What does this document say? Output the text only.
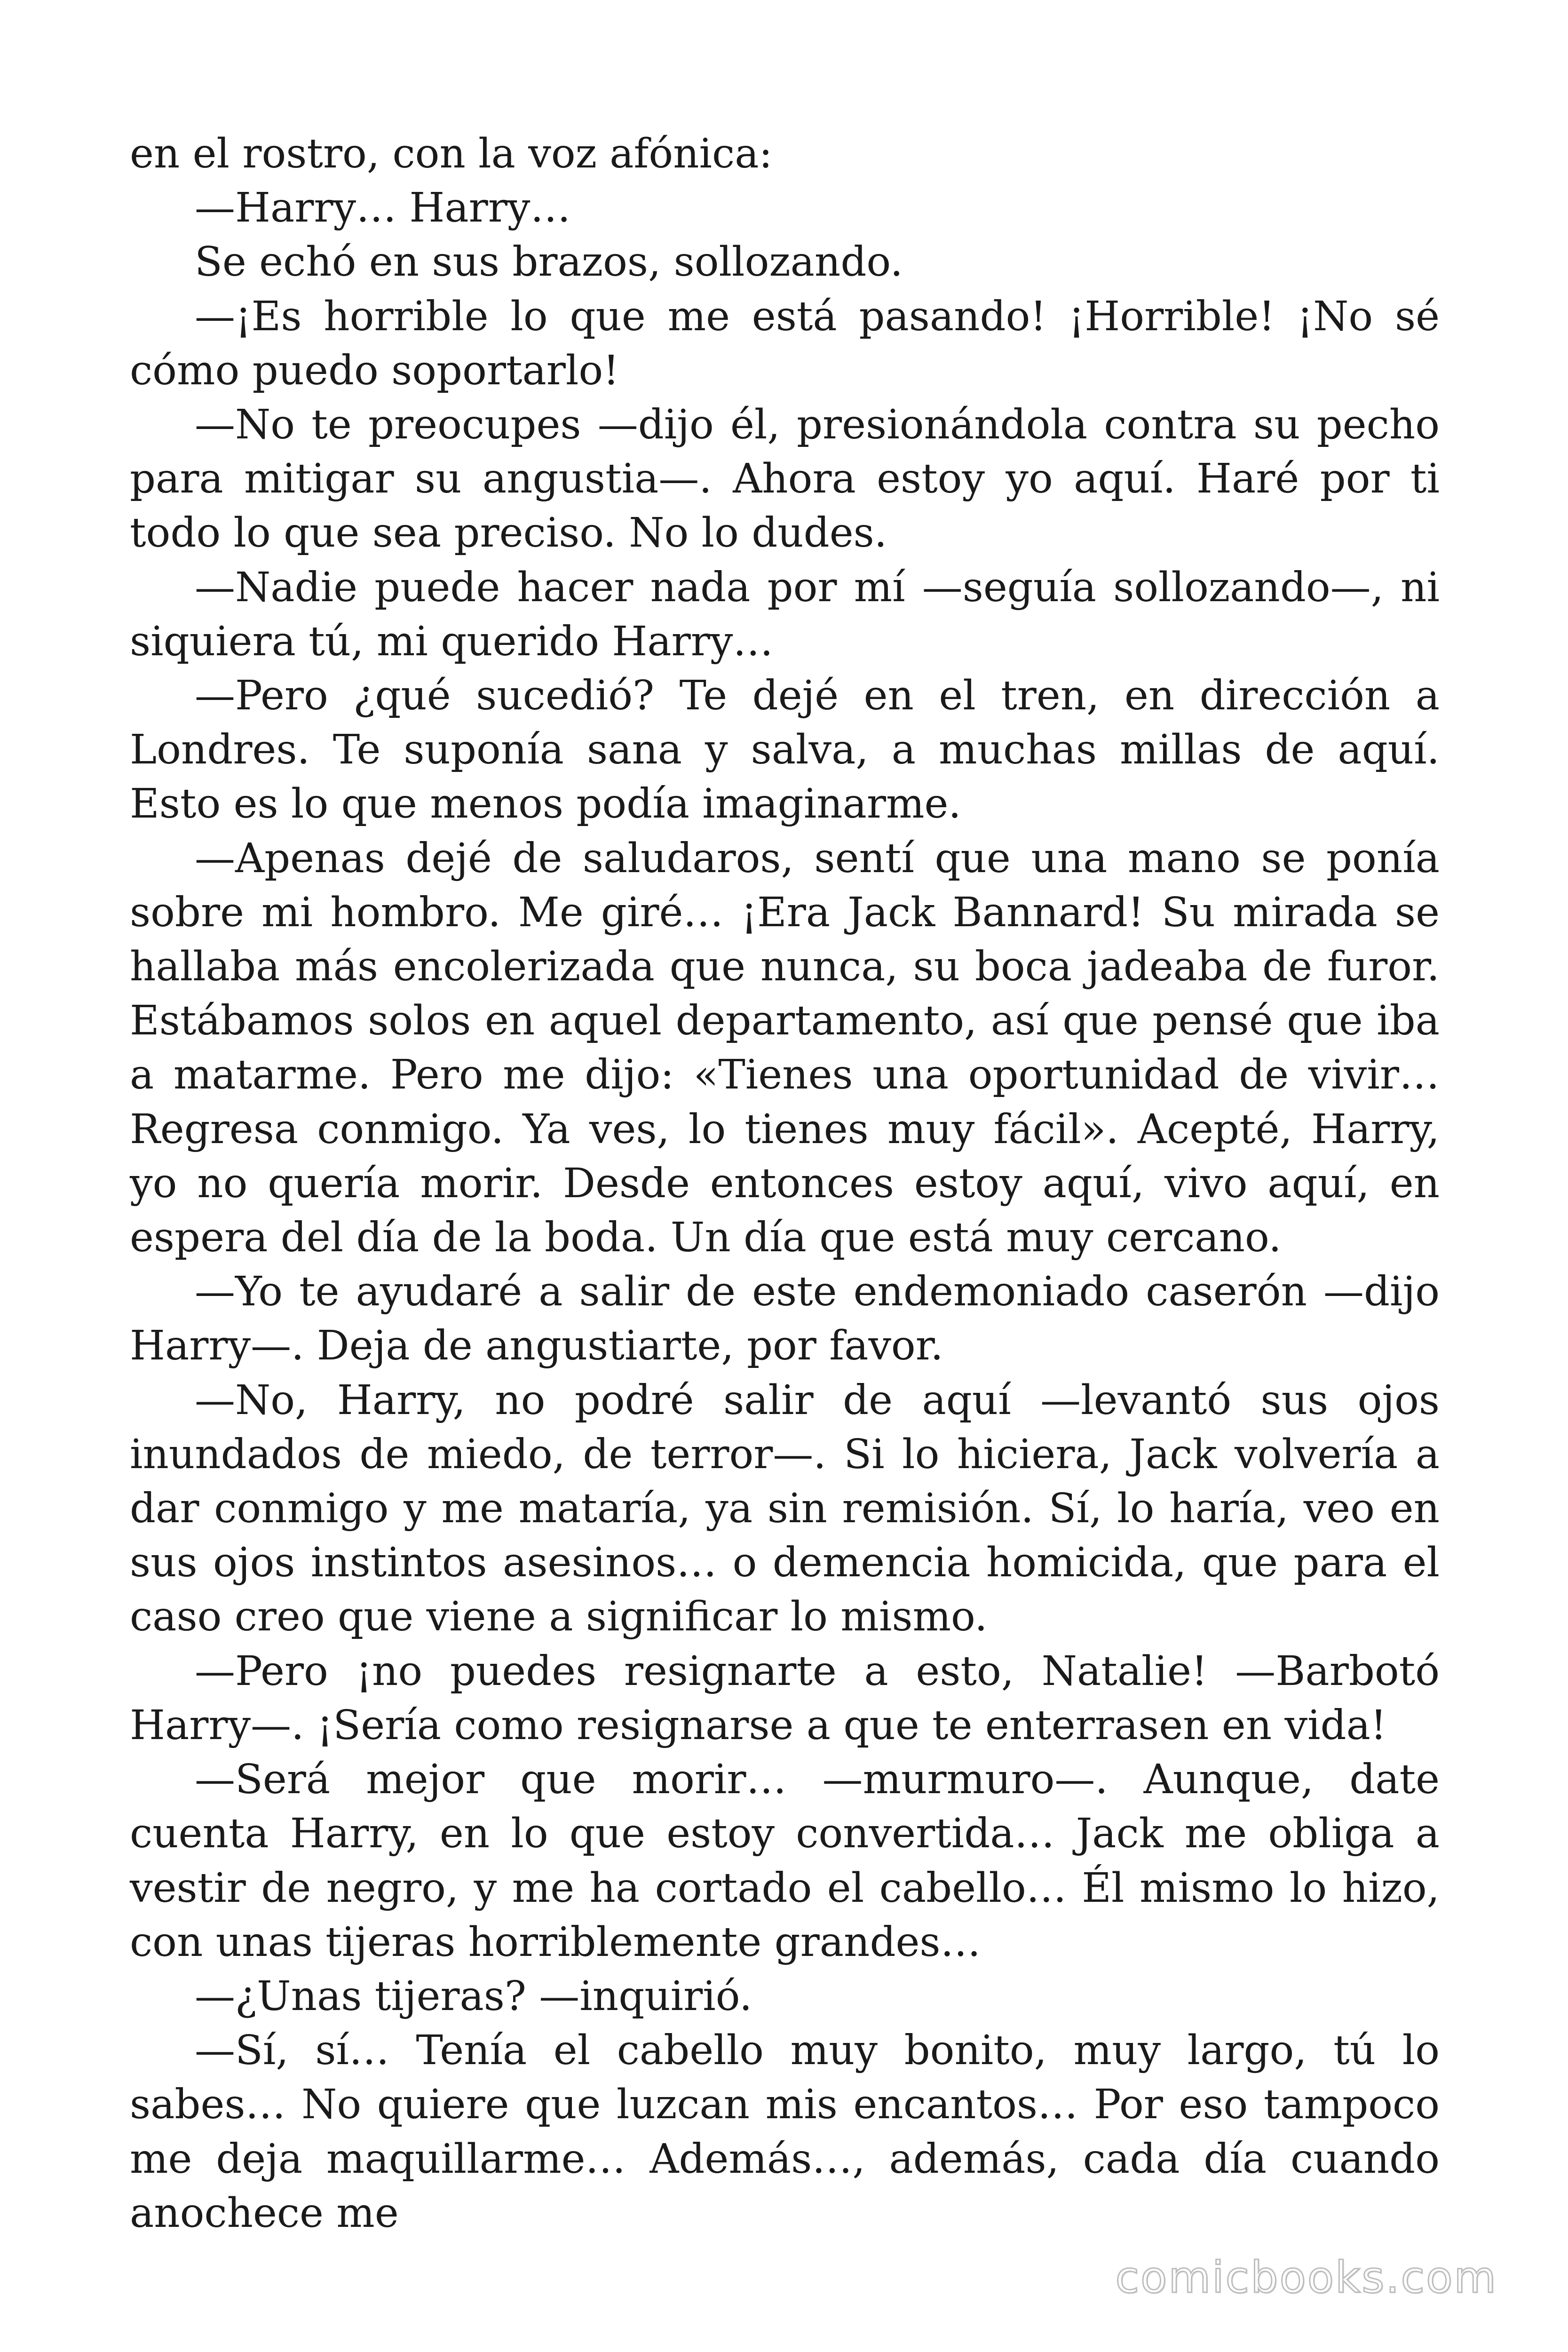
en el rostro, con la voz afónica:

—Harry… Harry…

Se echó en sus brazos, sollozando.

—¡Es horrible lo que me está pasando! ¡Horrible! ¡No sé cómo puedo soportarlo!

—No te preocupes —dijo él, presionándola contra su pecho para mitigar su angustia—. Ahora estoy yo aquí. Haré por ti todo lo que sea preciso. No lo dudes.

—Nadie puede hacer nada por mí —seguía sollozando—, ni siquiera tú, mi querido Harry…

—Pero ¿qué sucedió? Te dejé en el tren, en dirección a Londres. Te suponía sana y salva, a muchas millas de aquí. Esto es lo que menos podía imaginarme.

—Apenas dejé de saludaros, sentí que una mano se ponía sobre mi hombro. Me giré… ¡Era Jack Bannard! Su mirada se hallaba más encolerizada que nunca, su boca jadeaba de furor. Estábamos solos en aquel departamento, así que pensé que iba a matarme. Pero me dijo: «Tienes una oportunidad de vivir… Regresa conmigo. Ya ves, lo tienes muy fácil». Acepté, Harry, yo no quería morir. Desde entonces estoy aquí, vivo aquí, en espera del día de la boda. Un día que está muy cercano.

—Yo te ayudaré a salir de este endemoniado caserón —dijo Harry—. Deja de angustiarte, por favor.

—No, Harry, no podré salir de aquí —levantó sus ojos inundados de miedo, de terror—. Si lo hiciera, Jack volvería a dar conmigo y me mataría, ya sin remisión. Sí, lo haría, veo en sus ojos instintos asesinos… o demencia homicida, que para el caso creo que viene a significar lo mismo.

—Pero ¡no puedes resignarte a esto, Natalie! —Barbotó Harry—. ¡Sería como resignarse a que te enterrasen en vida!

—Será mejor que morir… —murmuro—. Aunque, date cuenta Harry, en lo que estoy convertida… Jack me obliga a vestir de negro, y me ha cortado el cabello… Él mismo lo hizo, con unas tijeras horriblemente grandes…

—¿Unas tijeras? —inquirió.

—Sí, sí… Tenía el cabello muy bonito, muy largo, tú lo sabes… No quiere que luzcan mis encantos… Por eso tampoco me deja maquillarme… Además…, además, cada día cuando anochece me

comicbooks.com
